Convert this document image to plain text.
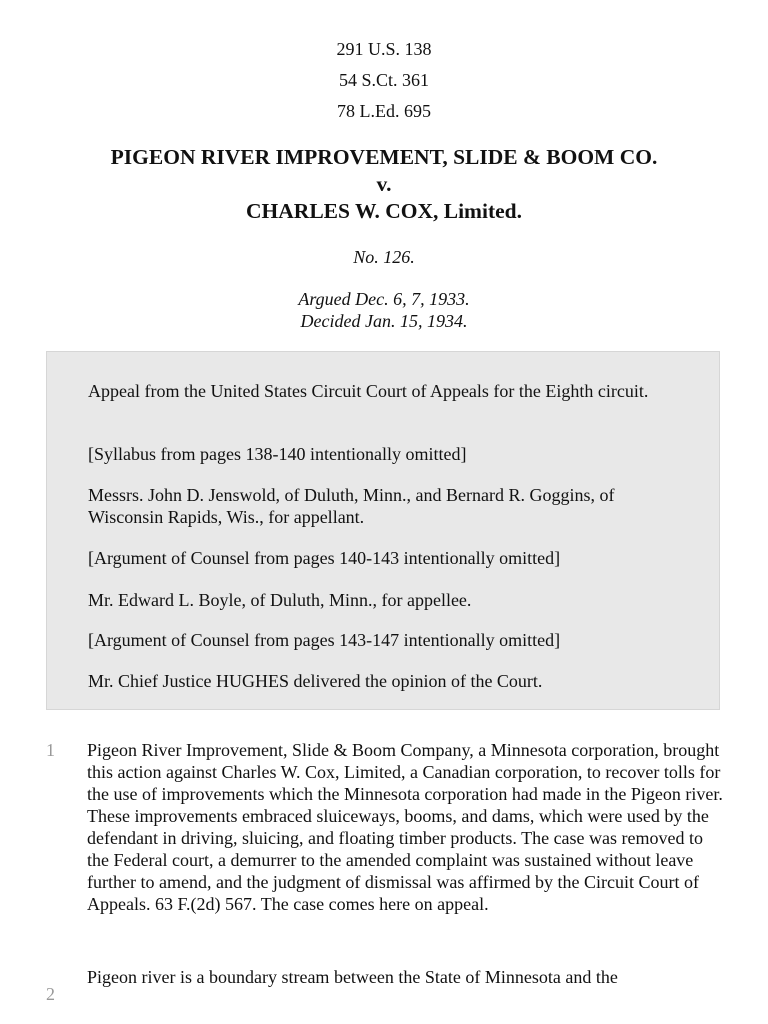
291 U.S. 138
54 S.Ct. 361
78 L.Ed. 695
PIGEON RIVER IMPROVEMENT, SLIDE & BOOM CO.
v.
CHARLES W. COX, Limited.
No. 126.
Argued Dec. 6, 7, 1933.
Decided Jan. 15, 1934.

Appeal from the United States Circuit Court of Appeals for the Eighth circuit.

[Syllabus from pages 138-140 intentionally omitted]

Messrs. John D. Jenswold, of Duluth, Minn., and Bernard R. Goggins, of Wisconsin Rapids, Wis., for appellant.

[Argument of Counsel from pages 140-143 intentionally omitted]

Mr. Edward L. Boyle, of Duluth, Minn., for appellee.

[Argument of Counsel from pages 143-147 intentionally omitted]

Mr. Chief Justice HUGHES delivered the opinion of the Court.

1 Pigeon River Improvement, Slide & Boom Company, a Minnesota corporation, brought this action against Charles W. Cox, Limited, a Canadian corporation, to recover tolls for the use of improvements which the Minnesota corporation had made in the Pigeon river. These improvements embraced sluiceways, booms, and dams, which were used by the defendant in driving, sluicing, and floating timber products. The case was removed to the Federal court, a demurrer to the amended complaint was sustained without leave further to amend, and the judgment of dismissal was affirmed by the Circuit Court of Appeals. 63 F.(2d) 567. The case comes here on appeal.

2

Pigeon river is a boundary stream between the State of Minnesota and the
